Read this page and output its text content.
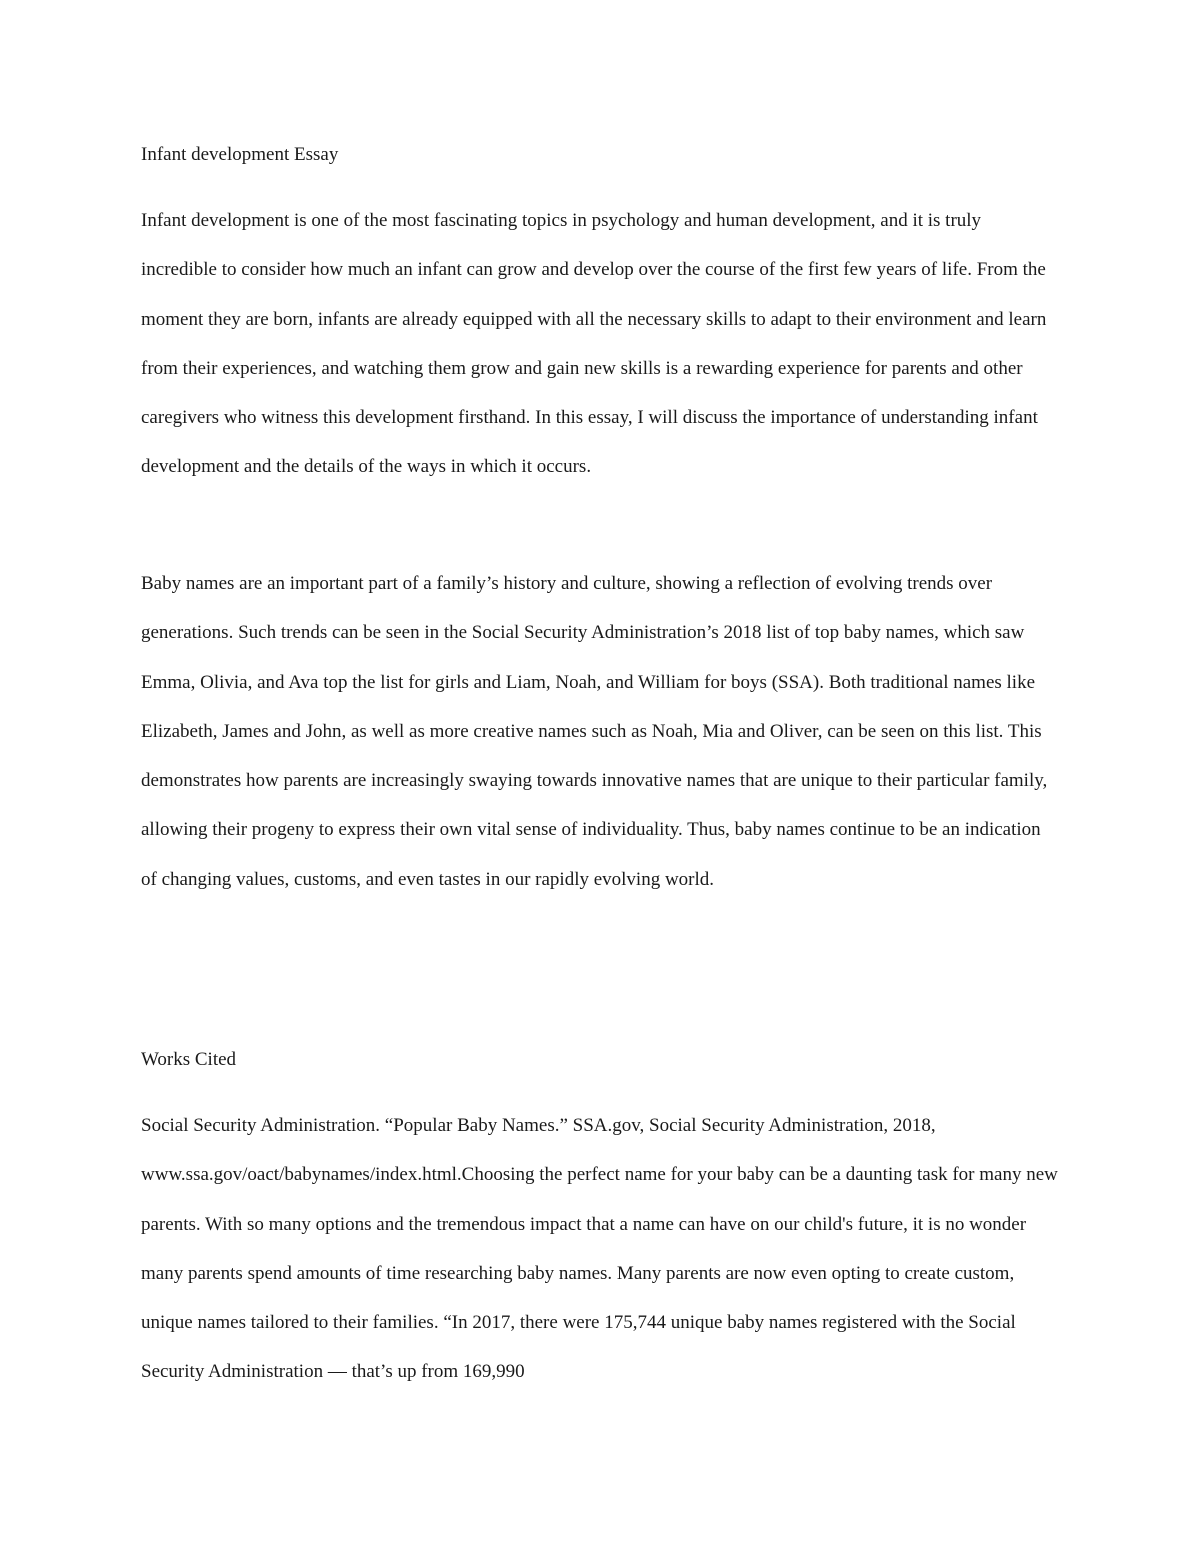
Infant development Essay

Infant development is one of the most fascinating topics in psychology and human development, and it is truly incredible to consider how much an infant can grow and develop over the course of the first few years of life. From the moment they are born, infants are already equipped with all the necessary skills to adapt to their environment and learn from their experiences, and watching them grow and gain new skills is a rewarding experience for parents and other caregivers who witness this development firsthand. In this essay, I will discuss the importance of understanding infant development and the details of the ways in which it occurs.

Baby names are an important part of a family’s history and culture, showing a reflection of evolving trends over generations. Such trends can be seen in the Social Security Administration’s 2018 list of top baby names, which saw Emma, Olivia, and Ava top the list for girls and Liam, Noah, and William for boys (SSA). Both traditional names like Elizabeth, James and John, as well as more creative names such as Noah, Mia and Oliver, can be seen on this list. This demonstrates how parents are increasingly swaying towards innovative names that are unique to their particular family, allowing their progeny to express their own vital sense of individuality. Thus, baby names continue to be an indication of changing values, customs, and even tastes in our rapidly evolving world.

Works Cited

Social Security Administration. “Popular Baby Names.” SSA.gov, Social Security Administration, 2018, www.ssa.gov/oact/babynames/index.html.Choosing the perfect name for your baby can be a daunting task for many new parents. With so many options and the tremendous impact that a name can have on our child's future, it is no wonder many parents spend amounts of time researching baby names. Many parents are now even opting to create custom, unique names tailored to their families. “In 2017, there were 175,744 unique baby names registered with the Social Security Administration — that’s up from 169,990
